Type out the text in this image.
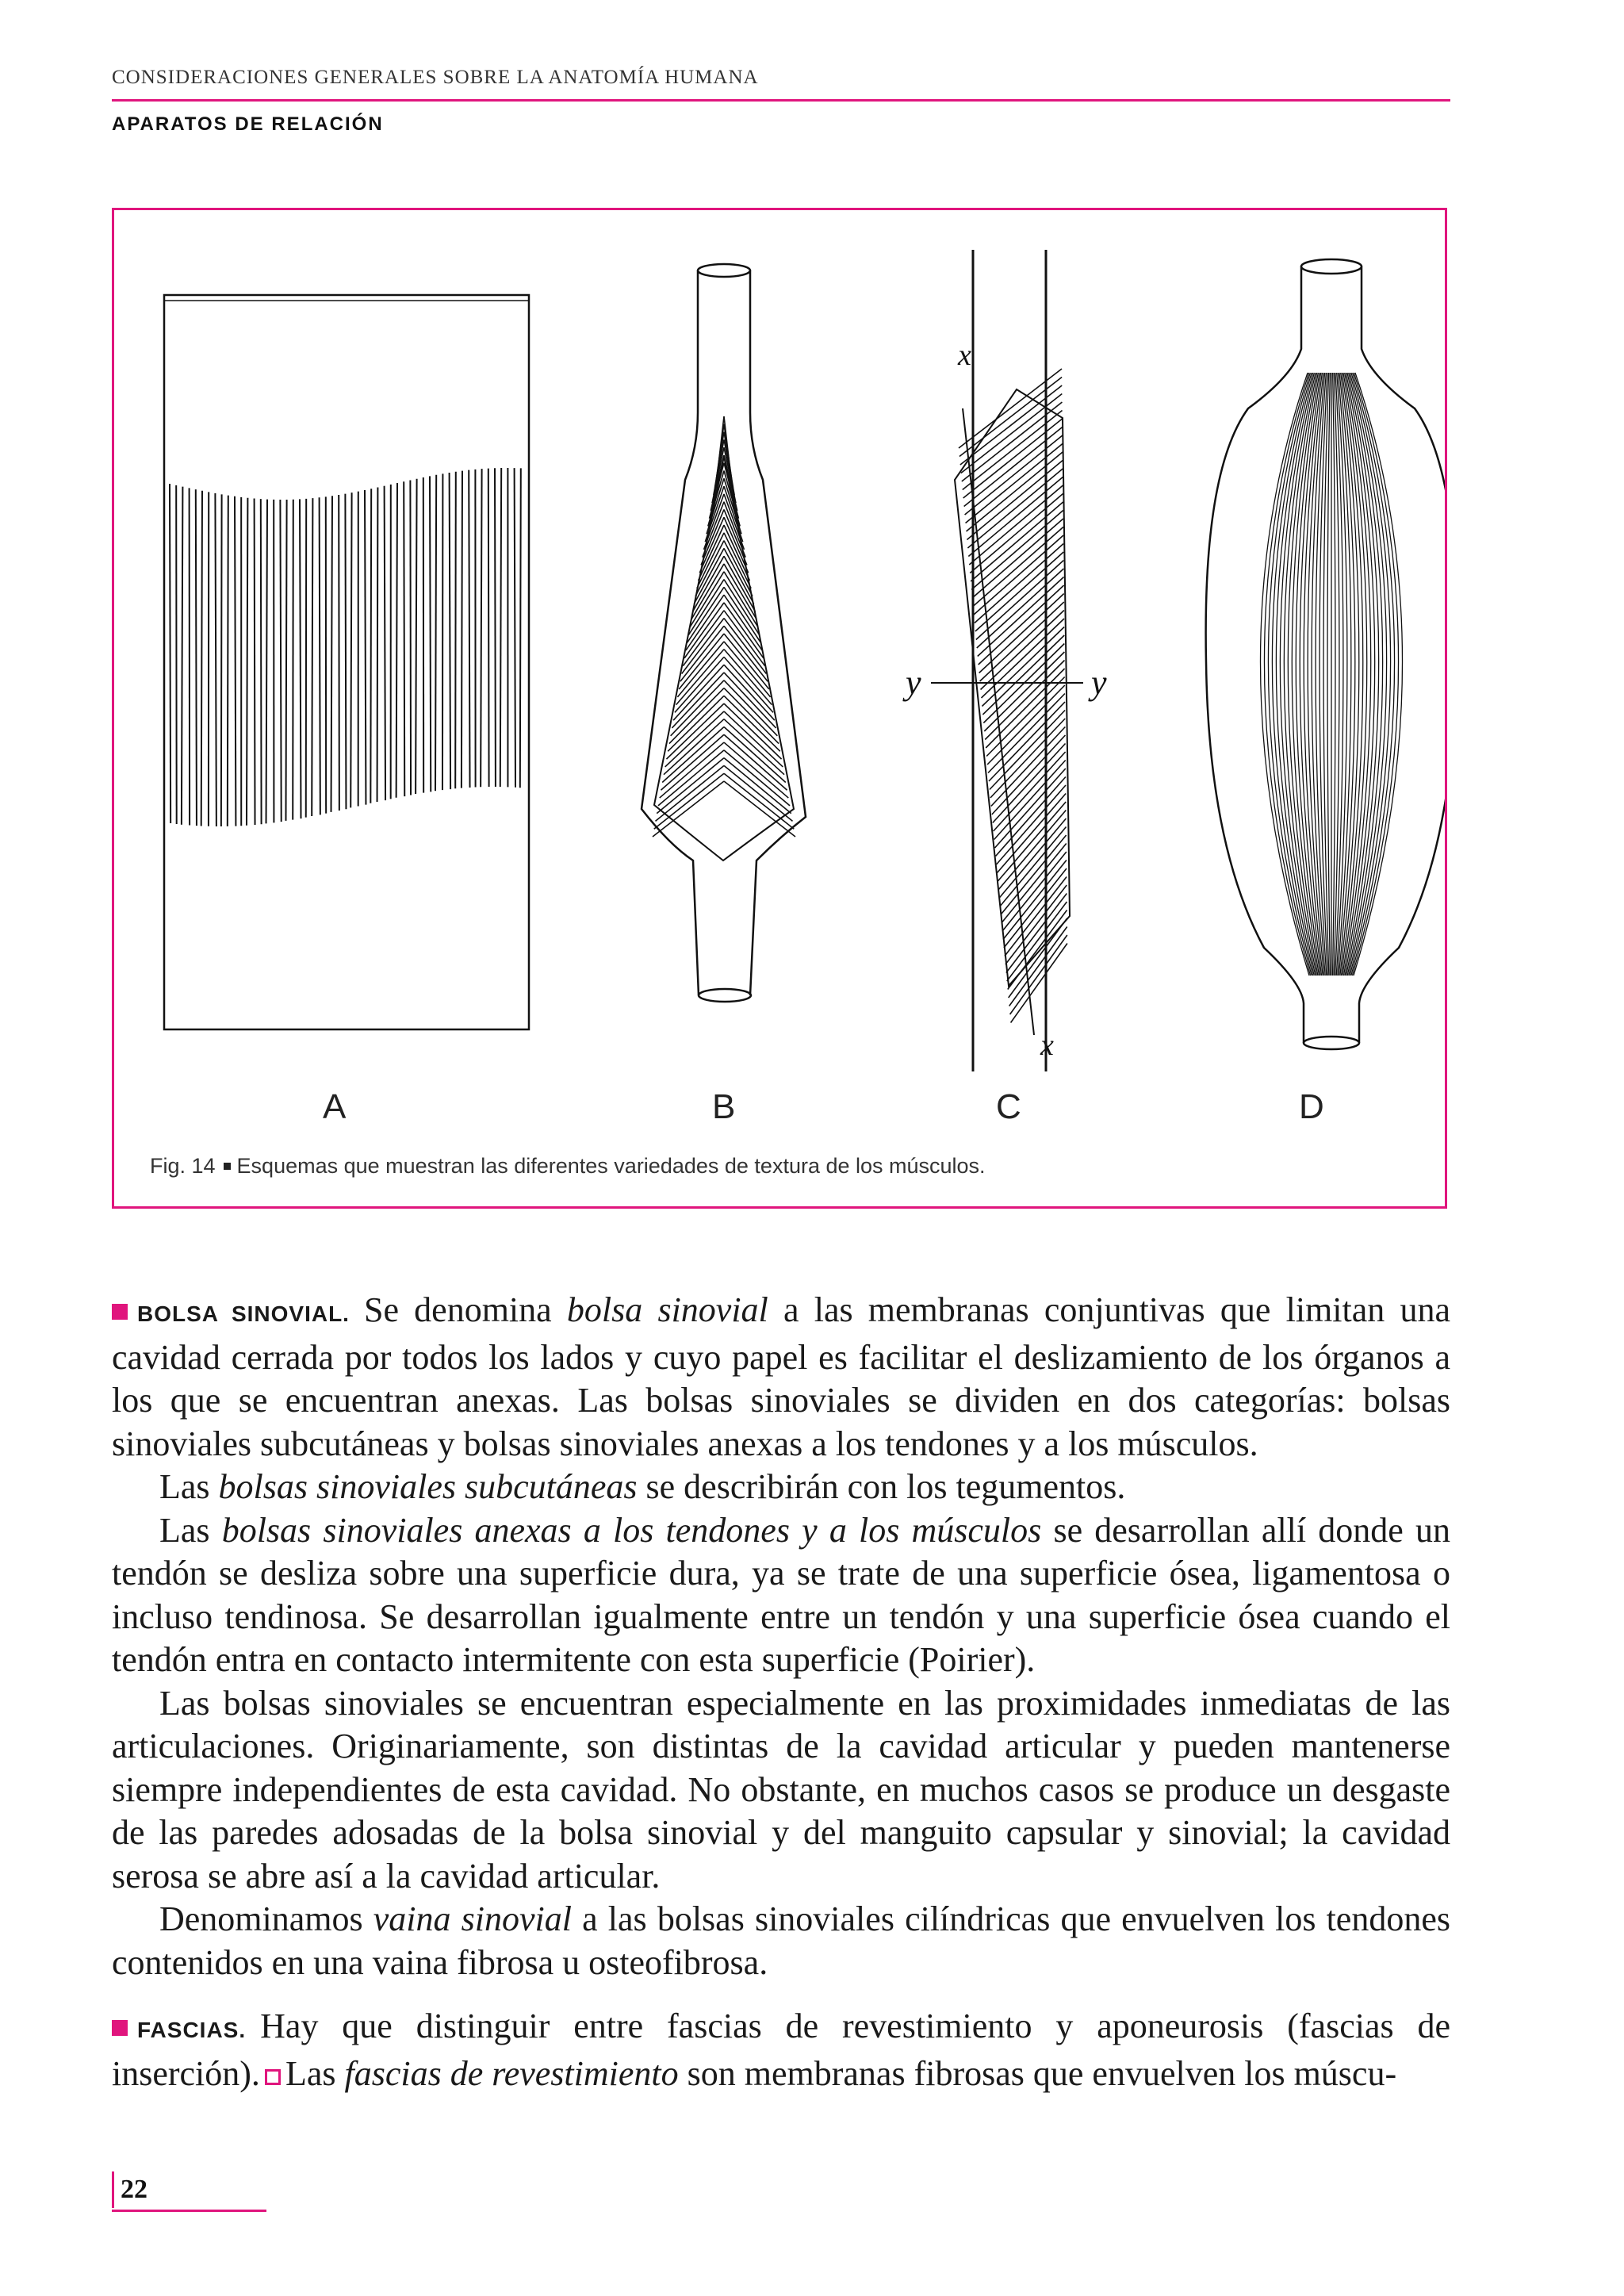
CONSIDERACIONES GENERALES SOBRE LA ANATOMÍA HUMANA
APARATOS DE RELACIÓN
x
x
y	y
A	B	C	D
Fig. 14 Esquemas que muestran las diferentes variedades de textura de los músculos.

BOLSA SINOVIAL. Se denomina bolsa sinovial a las membranas conjuntivas que limitan una cavidad cerrada por todos los lados y cuyo papel es facilitar el deslizamiento de los órganos a los que se encuentran anexas. Las bolsas sinoviales se dividen en dos categorías: bolsas sinoviales subcutáneas y bolsas sinoviales anexas a los tendones y a los músculos.

Las bolsas sinoviales subcutáneas se describirán con los tegumentos.

Las bolsas sinoviales anexas a los tendones y a los músculos se desarrollan allí donde un tendón se desliza sobre una superficie dura, ya se trate de una superficie ósea, ligamentosa o incluso tendinosa. Se desarrollan igualmente entre un tendón y una superficie ósea cuando el tendón entra en contacto intermitente con esta superficie (Poirier).

Las bolsas sinoviales se encuentran especialmente en las proximidades inmediatas de las articulaciones. Originariamente, son distintas de la cavidad articular y pueden mantenerse siempre independientes de esta cavidad. No obstante, en muchos casos se produce un desgaste de las paredes adosadas de la bolsa sinovial y del manguito capsular y sinovial; la cavidad serosa se abre así a la cavidad articular.

Denominamos vaina sinovial a las bolsas sinoviales cilíndricas que envuelven los tendones contenidos en una vaina fibrosa u osteofibrosa.

FASCIAS. Hay que distinguir entre fascias de revestimiento y aponeurosis (fascias de inserción). Las fascias de revestimiento son membranas fibrosas que envuelven los múscu-

22
